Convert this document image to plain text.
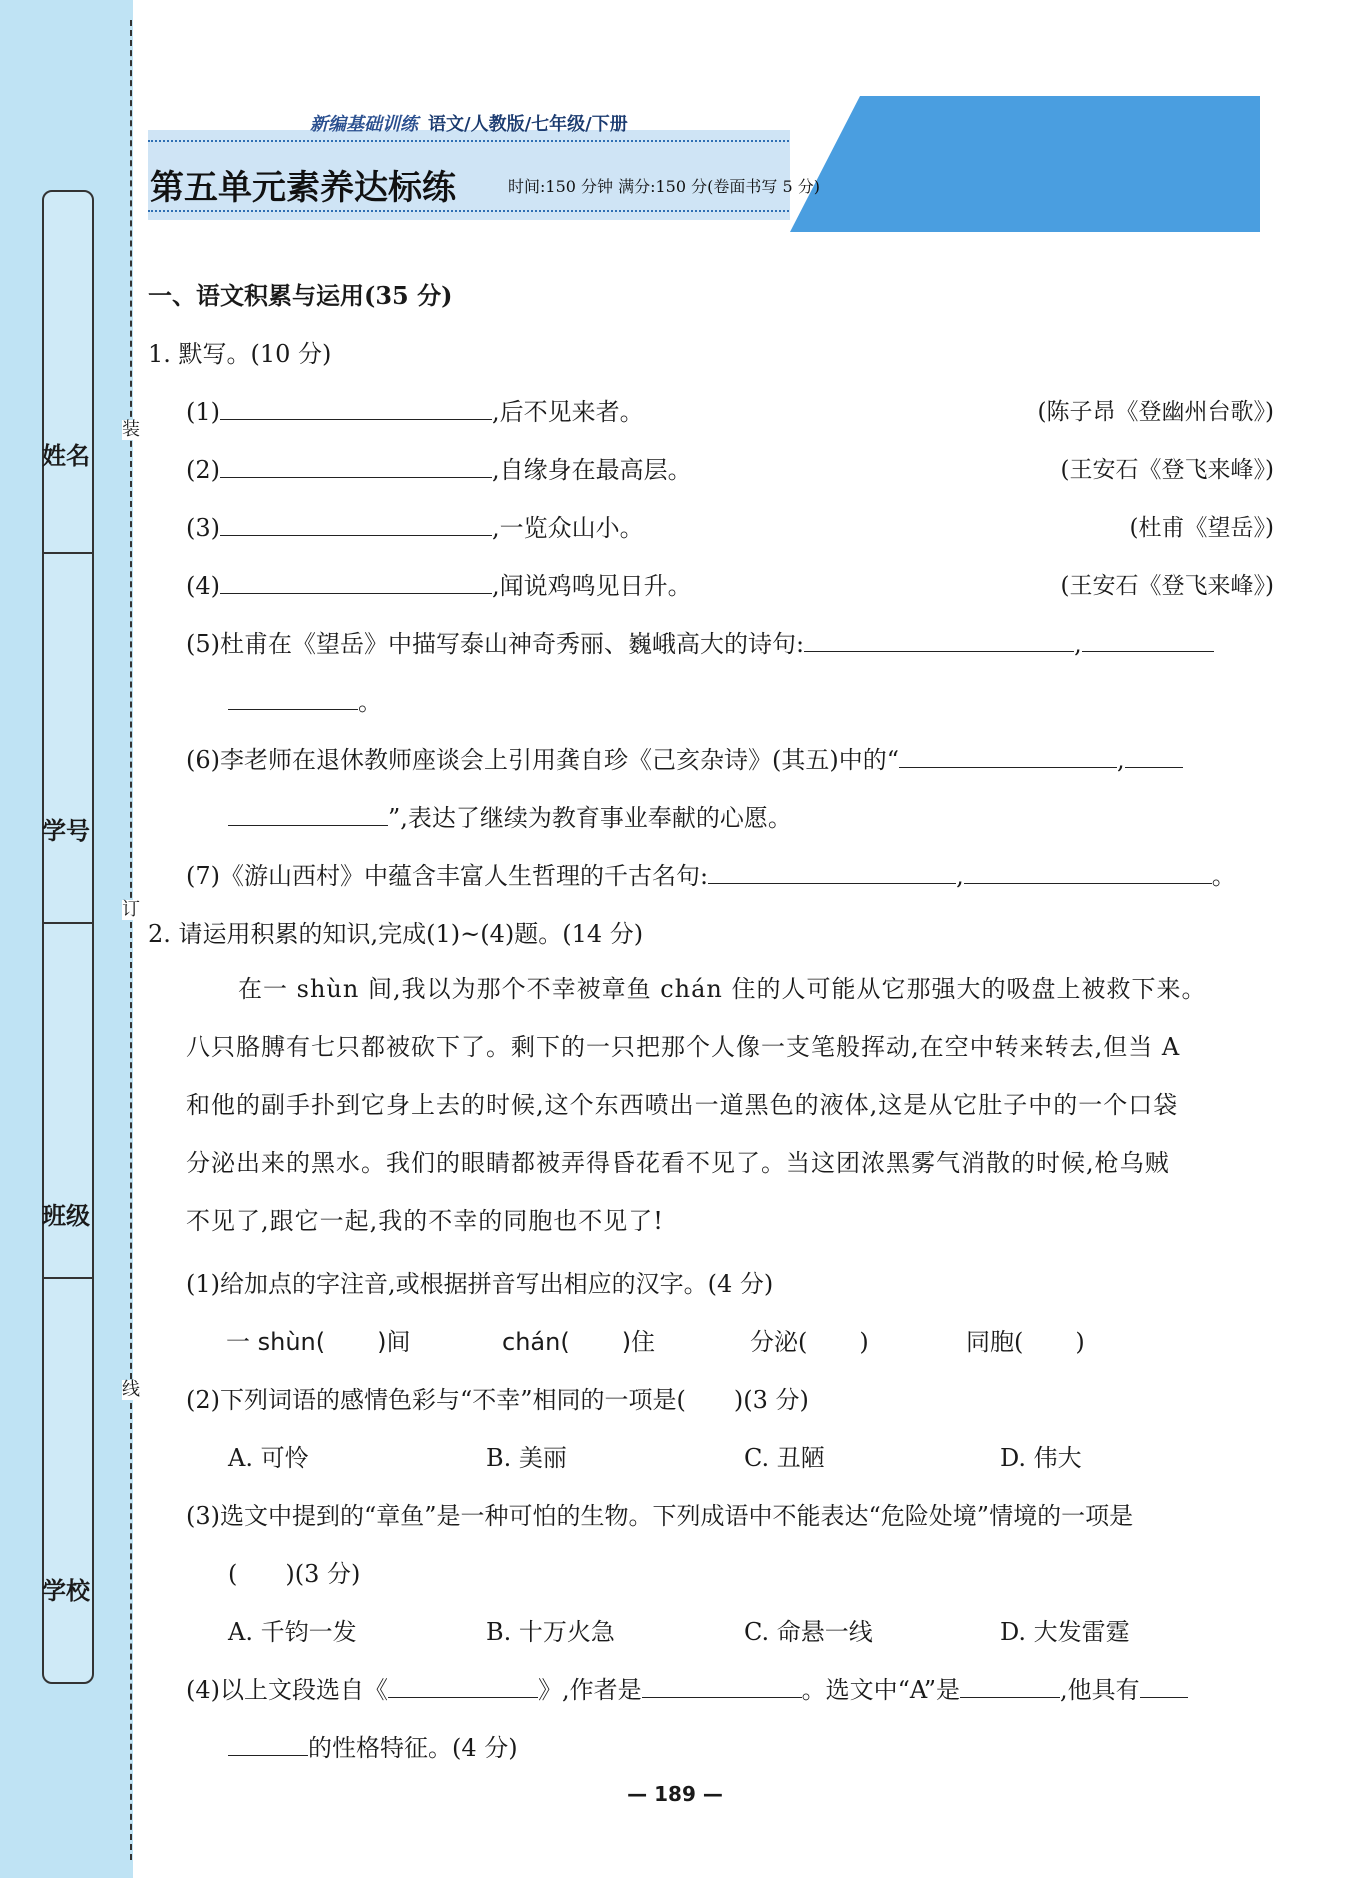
姓名
学号
班级
学校
装
订
线
新编基础训练 语文/人教版/七年级/下册
第五单元素养达标练	时间:150 分钟 满分:150 分(卷面书写 5 分)
一、语文积累与运用(35 分)
1. 默写。(10 分)
(1)	,后不见来者。	(陈子昂《登幽州台歌》)
(2)	,自缘身在最高层。	(王安石《登飞来峰》)
(3)	,一览众山小。	(杜甫《望岳》)
(4)	,闻说鸡鸣见日升。	(王安石《登飞来峰》)
(5)杜甫在《望岳》中描写泰山神奇秀丽、巍峨高大的诗句:	,
。
(6)李老师在退休教师座谈会上引用龚自珍《己亥杂诗》(其五)中的“	,
”,表达了继续为教育事业奉献的心愿。
(7)《游山西村》中蕴含丰富人生哲理的千古名句:	,	。
2. 请运用积累的知识,完成(1)~(4)题。(14 分)
在一 shùn 间,我以为那个不幸被章鱼 chán 住的人可能从它那强大的吸盘上被救下来。
八只胳膊有七只都被砍下了。剩下的一只把那个人像一支笔般挥动,在空中转来转去,但当 A
和他的副手扑到它身上去的时候,这个东西喷出一道黑色的液体,这是从它肚子中的一个口袋
分泌出来的黑水。我们的眼睛都被弄得昏花看不见了。当这团浓黑雾气消散的时候,枪乌贼
不见了,跟它一起,我的不幸的同胞也不见了!
(1)给加点的字注音,或根据拼音写出相应的汉字。(4 分)
一 shùn( )间	chán( )住	分泌( )	同胞( )
(2)下列词语的感情色彩与“不幸”相同的一项是( )(3 分)
A. 可怜	B. 美丽	C. 丑陋	D. 伟大
(3)选文中提到的“章鱼”是一种可怕的生物。下列成语中不能表达“危险处境”情境的一项是
( )(3 分)
A. 千钧一发	B. 十万火急	C. 命悬一线	D. 大发雷霆
(4)以上文段选自《	》,作者是	。选文中“A”是	,他具有
的性格特征。(4 分)
— 189 —
